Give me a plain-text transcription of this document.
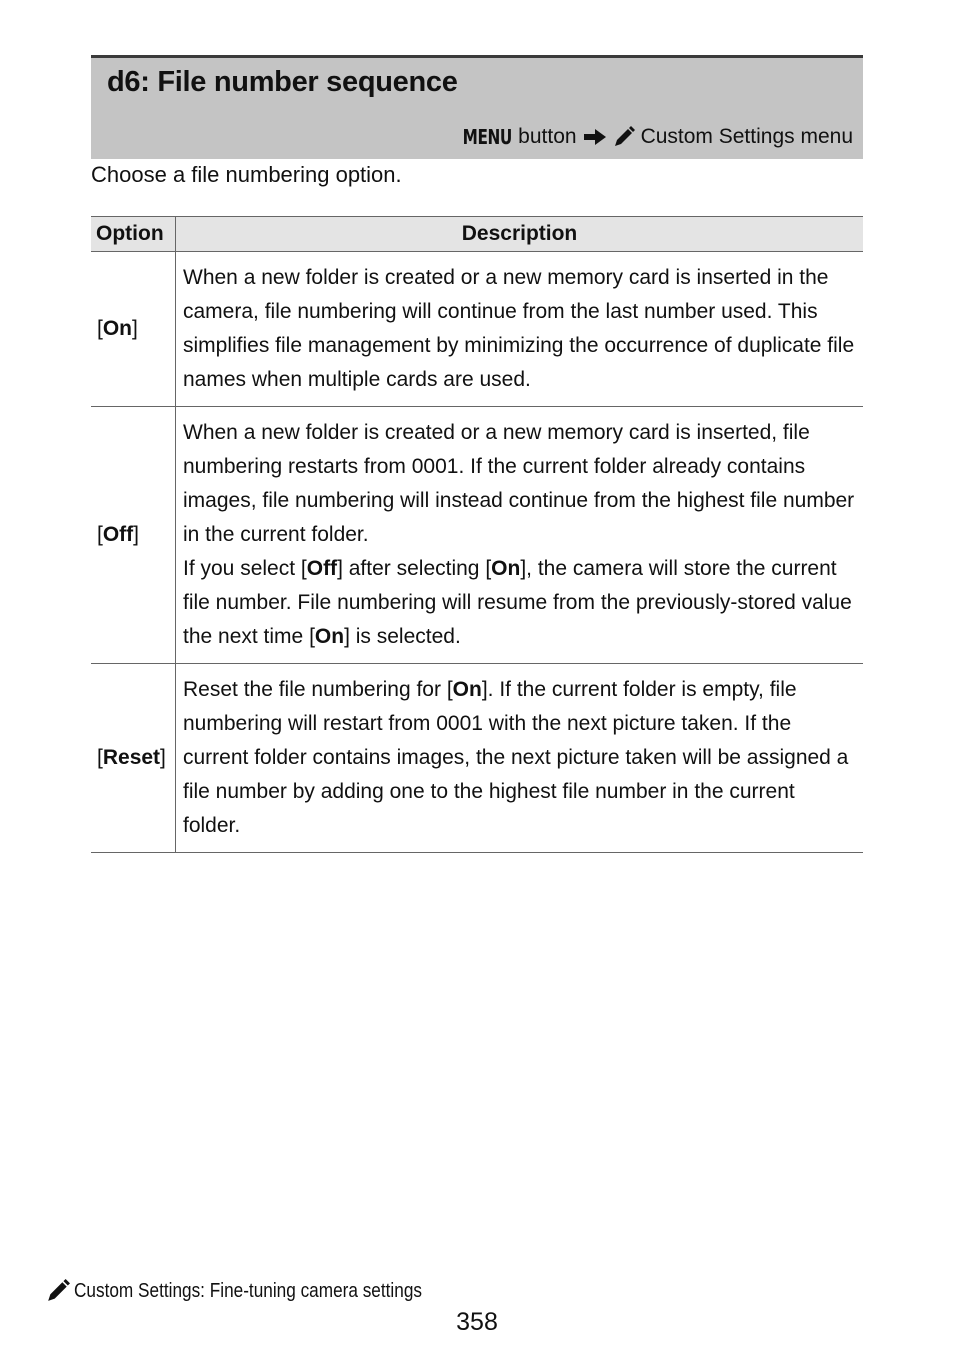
d6: File number sequence
MENU button	Custom Settings menu

Choose a file numbering option.

Option	Description
[On]	When a new folder is created or a new memory card is inserted in the camera, file numbering will continue from the last number used. This simplifies file management by minimizing the occurrence of duplicate file names when multiple cards are used.

[Off]	When a new folder is created or a new memory card is inserted, file numbering restarts from 0001. If the current folder already contains images, file numbering will instead continue from the highest file number in the current folder.
If you select [Off] after selecting [On], the camera will store the current file number. File numbering will resume from the previously-stored value the next time [On] is selected.

[Reset]	Reset the file numbering for [On]. If the current folder is empty, file numbering will restart from 0001 with the next picture taken. If the current folder contains images, the next picture taken will be assigned a file number by adding one to the highest file number in the current folder.
Custom Settings: Fine-tuning camera settings
358
